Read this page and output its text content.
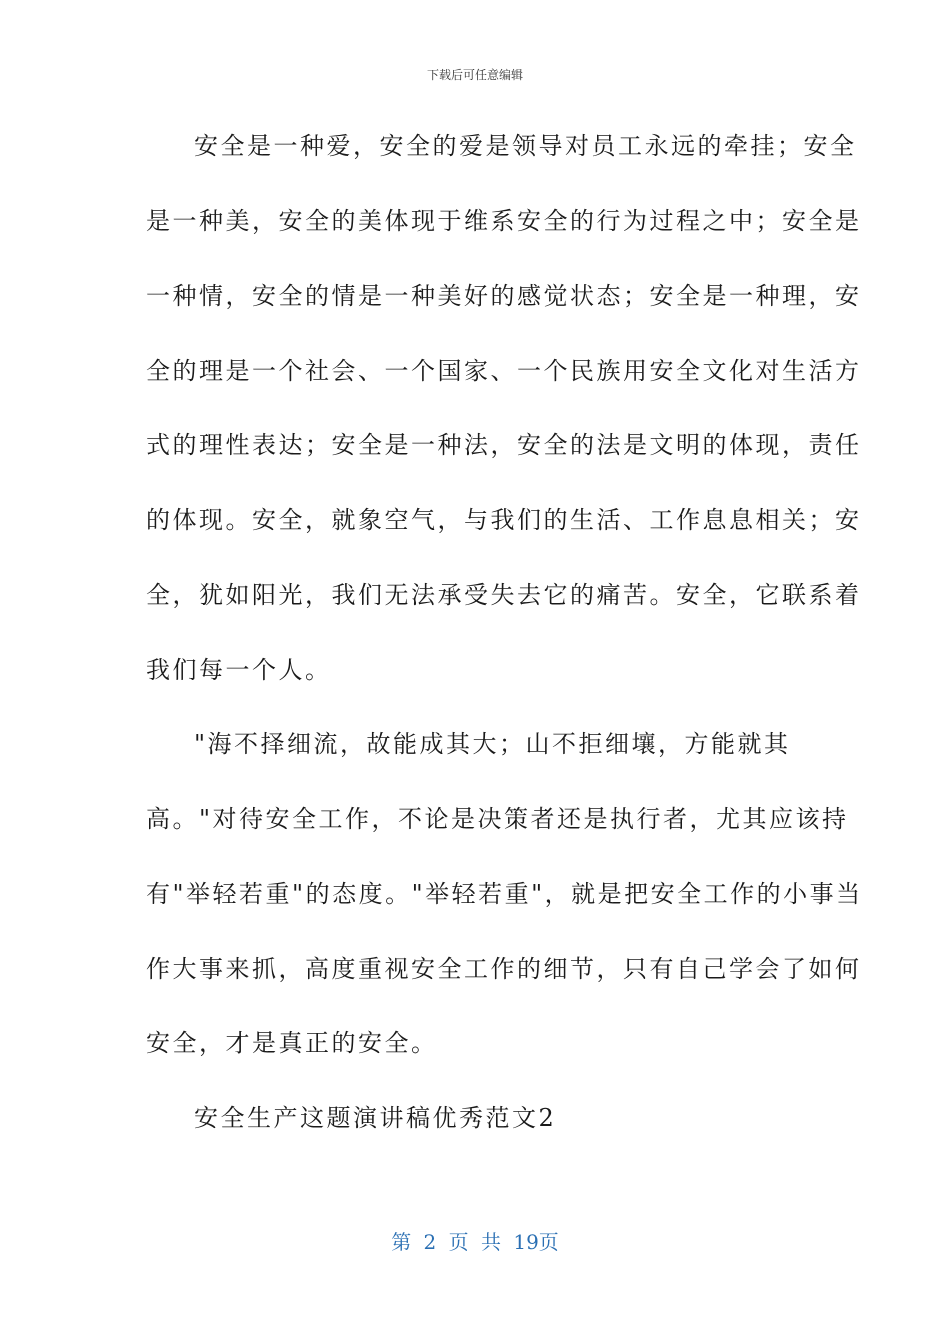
下载后可任意编辑
安全是一种爱，安全的爱是领导对员工永远的牵挂；安全
是一种美，安全的美体现于维系安全的行为过程之中；安全是
一种情，安全的情是一种美好的感觉状态；安全是一种理，安
全的理是一个社会、一个国家、一个民族用安全文化对生活方
式的理性表达；安全是一种法，安全的法是文明的体现，责任
的体现。安全，就象空气，与我们的生活、工作息息相关；安
全，犹如阳光，我们无法承受失去它的痛苦。安全，它联系着
我们每一个人。
"海不择细流，故能成其大；山不拒细壤，方能就其
高。"对待安全工作，不论是决策者还是执行者，尤其应该持
有"举轻若重"的态度。"举轻若重"，就是把安全工作的小事当
作大事来抓，高度重视安全工作的细节，只有自己学会了如何
安全，才是真正的安全。
安全生产这题演讲稿优秀范文2
第 2 页 共 19页
